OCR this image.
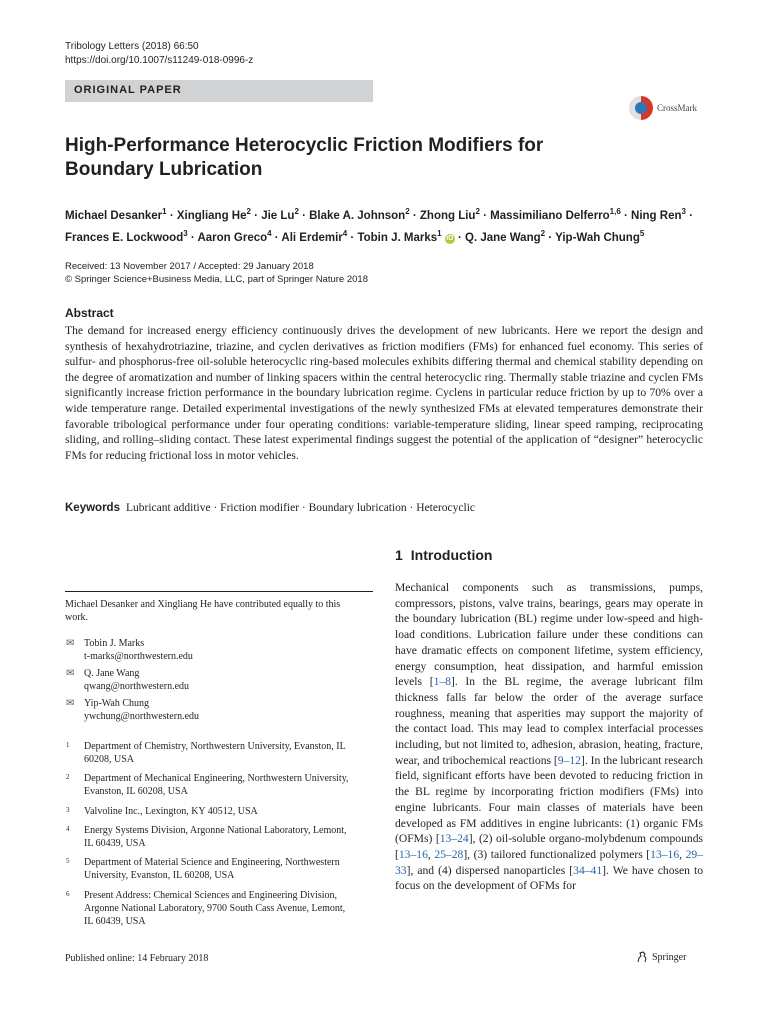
Tribology Letters (2018) 66:50
https://doi.org/10.1007/s11249-018-0996-z
ORIGINAL PAPER
CrossMark
High-Performance Heterocyclic Friction Modifiers for Boundary Lubrication
Michael Desanker$^1$ · Xingliang $He^2$ · Jie $Lu^2$ · Blake A. Johnson$^2$ · Zhong Liu$^2$ · Massimiliano Delferro$^{1,6}$ · Ning Ren$^3$ ·
Frances E. Lockwood$^3$ · Aaron Greco$^4$ · Ali Erdemir$^4$ · Tobin J. Marks$^1$ iD · Q. Jane Wang$^2$ · Yip-Wah Chung$^5$
Received: 13 November 2017 / Accepted: 29 January 2018
© Springer Science+Business Media, LLC, part of Springer Nature 2018
Abstract
The demand for increased energy efficiency continuously drives the development of new lubricants. Here we report the design and synthesis of hexahydrotriazine, triazine, and cyclen derivatives as friction modifiers (FMs) for enhanced fuel economy. This series of sulfur- and phosphorus-free oil-soluble heterocyclic ring-based molecules exhibits differing thermal and chemical stability depending on the degree of aromatization and number of linking spacers within the central heterocyclic ring. Thermally stable triazine and cyclen FMs significantly increase friction performance in the boundary lubrication regime. Cyclens in particular reduce friction by up to 70% over a wide temperature range. Detailed experimental investigations of the newly synthesized FMs at elevated temperatures demonstrate their favorable tribological performance under four operating conditions: variable-temperature sliding, linear speed ramping, reciprocating sliding, and rolling–sliding contact. These latest experimental findings suggest the potential of the application of “designer” heterocyclic FMs for reducing frictional loss in motor vehicles.
Keywords Lubricant additive · Friction modifier · Boundary lubrication · Heterocyclic
1 Introduction
Michael Desanker and Xingliang He have contributed equally to this work.
✉ Tobin J. Marks
t-marks@northwestern.edu
✉ Q. Jane Wang
qwang@northwestern.edu
✉ Yip-Wah Chung
ywchung@northwestern.edu
1	Department of Chemistry, Northwestern University, Evanston, IL 60208, USA
2	Department of Mechanical Engineering, Northwestern University, Evanston, IL 60208, USA
3	Valvoline Inc., Lexington, KY 40512, USA
4	Energy Systems Division, Argonne National Laboratory, Lemont, IL 60439, USA
5	Department of Material Science and Engineering, Northwestern University, Evanston, IL 60208, USA
6	Present Address: Chemical Sciences and Engineering Division, Argonne National Laboratory, 9700 South Cass Avenue, Lemont, IL 60439, USA
Mechanical components such as transmissions, pumps, compressors, pistons, valve trains, bearings, gears may operate in the boundary lubrication (BL) regime under low-speed and high-load conditions. Lubrication failure under these conditions can have dramatic effects on component lifetime, system efficiency, energy consumption, heat dissipation, and harmful emission levels [1–8]. In the BL regime, the average lubricant film thickness falls far below the order of the average surface roughness, meaning that asperities may support the majority of the contact load. This may lead to complex interfacial processes including, but not limited to, adhesion, abrasion, heating, fracture, wear, and tribochemical reactions [9–12]. In the lubricant research field, significant efforts have been devoted to reducing friction in the BL regime by incorporating friction modifiers (FMs) into engine lubricants. Four main classes of materials have been developed as FM additives in engine lubricants: (1) organic FMs (OFMs) [13–24], (2) oil-soluble organo-molybdenum compounds [13–16, 25–28], (3) tailored functionalized polymers [13–16, 29–33], and (4) dispersed nanoparticles [34–41]. We have chosen to focus on the development of OFMs for
Published online: 14 February 2018	Springer
